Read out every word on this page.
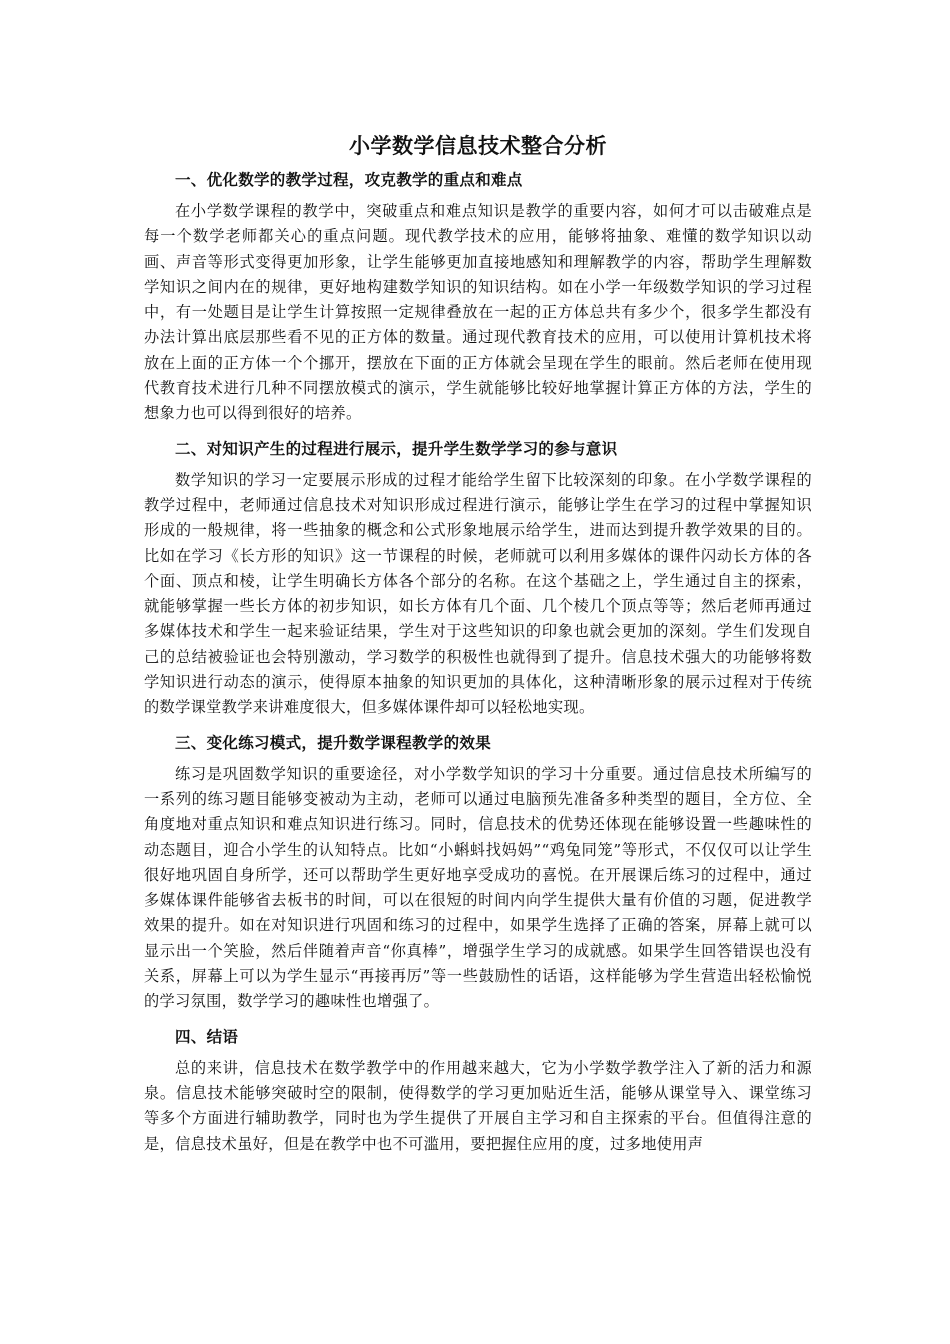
小学数学信息技术整合分析
一、优化数学的教学过程，攻克教学的重点和难点

在小学数学课程的教学中，突破重点和难点知识是教学的重要内容，如何才可以击破难点是每一个数学老师都关心的重点问题。现代教学技术的应用，能够将抽象、难懂的数学知识以动画、声音等形式变得更加形象，让学生能够更加直接地感知和理解教学的内容，帮助学生理解数学知识之间内在的规律，更好地构建数学知识的知识结构。如在小学一年级数学知识的学习过程中，有一处题目是让学生计算按照一定规律叠放在一起的正方体总共有多少个，很多学生都没有办法计算出底层那些看不见的正方体的数量。通过现代教育技术的应用，可以使用计算机技术将放在上面的正方体一个个挪开，摆放在下面的正方体就会呈现在学生的眼前。然后老师在使用现代教育技术进行几种不同摆放模式的演示，学生就能够比较好地掌握计算正方体的方法，学生的想象力也可以得到很好的培养。

二、对知识产生的过程进行展示，提升学生数学学习的参与意识

数学知识的学习一定要展示形成的过程才能给学生留下比较深刻的印象。在小学数学课程的教学过程中，老师通过信息技术对知识形成过程进行演示，能够让学生在学习的过程中掌握知识形成的一般规律，将一些抽象的概念和公式形象地展示给学生，进而达到提升教学效果的目的。比如在学习《长方形的知识》这一节课程的时候，老师就可以利用多媒体的课件闪动长方体的各个面、顶点和棱，让学生明确长方体各个部分的名称。在这个基础之上，学生通过自主的探索，就能够掌握一些长方体的初步知识，如长方体有几个面、几个棱几个顶点等等；然后老师再通过多媒体技术和学生一起来验证结果，学生对于这些知识的印象也就会更加的深刻。学生们发现自己的总结被验证也会特别激动，学习数学的积极性也就得到了提升。信息技术强大的功能够将数学知识进行动态的演示，使得原本抽象的知识更加的具体化，这种清晰形象的展示过程对于传统的数学课堂教学来讲难度很大，但多媒体课件却可以轻松地实现。

三、变化练习模式，提升数学课程教学的效果

练习是巩固数学知识的重要途径，对小学数学知识的学习十分重要。通过信息技术所编写的一系列的练习题目能够变被动为主动，老师可以通过电脑预先准备多种类型的题目，全方位、全角度地对重点知识和难点知识进行练习。同时，信息技术的优势还体现在能够设置一些趣味性的动态题目，迎合小学生的认知特点。比如“小蝌蚪找妈妈”“鸡兔同笼”等形式，不仅仅可以让学生很好地巩固自身所学，还可以帮助学生更好地享受成功的喜悦。在开展课后练习的过程中，通过多媒体课件能够省去板书的时间，可以在很短的时间内向学生提供大量有价值的习题，促进教学效果的提升。如在对知识进行巩固和练习的过程中，如果学生选择了正确的答案，屏幕上就可以显示出一个笑脸，然后伴随着声音“你真棒”，增强学生学习的成就感。如果学生回答错误也没有关系，屏幕上可以为学生显示“再接再厉”等一些鼓励性的话语，这样能够为学生营造出轻松愉悦的学习氛围，数学学习的趣味性也增强了。

四、结语

总的来讲，信息技术在数学教学中的作用越来越大，它为小学数学教学注入了新的活力和源泉。信息技术能够突破时空的限制，使得数学的学习更加贴近生活，能够从课堂导入、课堂练习等多个方面进行辅助教学，同时也为学生提供了开展自主学习和自主探索的平台。但值得注意的是，信息技术虽好，但是在教学中也不可滥用，要把握住应用的度，过多地使用声
